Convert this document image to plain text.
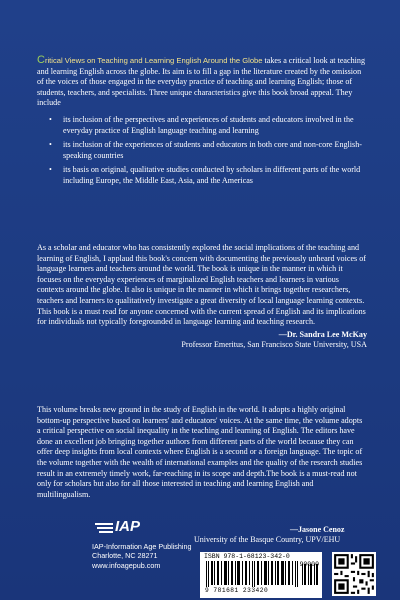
Critical Views on Teaching and Learning English Around the Globe takes a critical look at teaching and learning English across the globe. Its aim is to fill a gap in the literature created by the omission of the voices of those engaged in the everyday practice of teaching and learning English; those of students, teachers, and specialists. Three unique characteristics give this book broad appeal. They include
• its inclusion of the perspectives and experiences of students and educators involved in the everyday practice of English language teaching and learning
• its inclusion of the experiences of students and educators in both core and non-core English-speaking countries
• its basis on original, qualitative studies conducted by scholars in different parts of the world including Europe, the Middle East, Asia, and the Americas
As a scholar and educator who has consistently explored the social implications of the teaching and learning of English, I applaud this book's concern with documenting the previously unheard voices of language learners and teachers around the world. The book is unique in the manner in which it focuses on the everyday experiences of marginalized English teachers and learners in various contexts around the globe. It also is unique in the manner in which it brings together researchers, teachers and learners to qualitatively investigate a great diversity of local language learning contexts. This book is a must read for anyone concerned with the current spread of English and its implications for individuals not typically foregrounded in language learning and teaching research.
—Dr. Sandra Lee McKay
Professor Emeritus, San Francisco State University, USA
This volume breaks new ground in the study of English in the world. It adopts a highly original bottom-up perspective based on learners' and educators' voices. At the same time, the volume adopts a critical perspective on social inequality in the teaching and learning of English. The editors have done an excellent job bringing together authors from different parts of the world because they can offer deep insights from local contexts where English is a second or a foreign language. The topic of the volume together with the wealth of international examples and the quality of the research studies result in an extremely timely work, far-reaching in its scope and depth.The book is a must-read not only for scholars but also for all those interested in teaching and learning English and multilingualism.
—Jasone Cenoz
University of the Basque Country, UPV/EHU
IAP
IAP-Information Age Publishing
Charlotte, NC 28271
www.infoagepub.com
ISBN 978-1-68123-342-0
90000
9 781681 233420
